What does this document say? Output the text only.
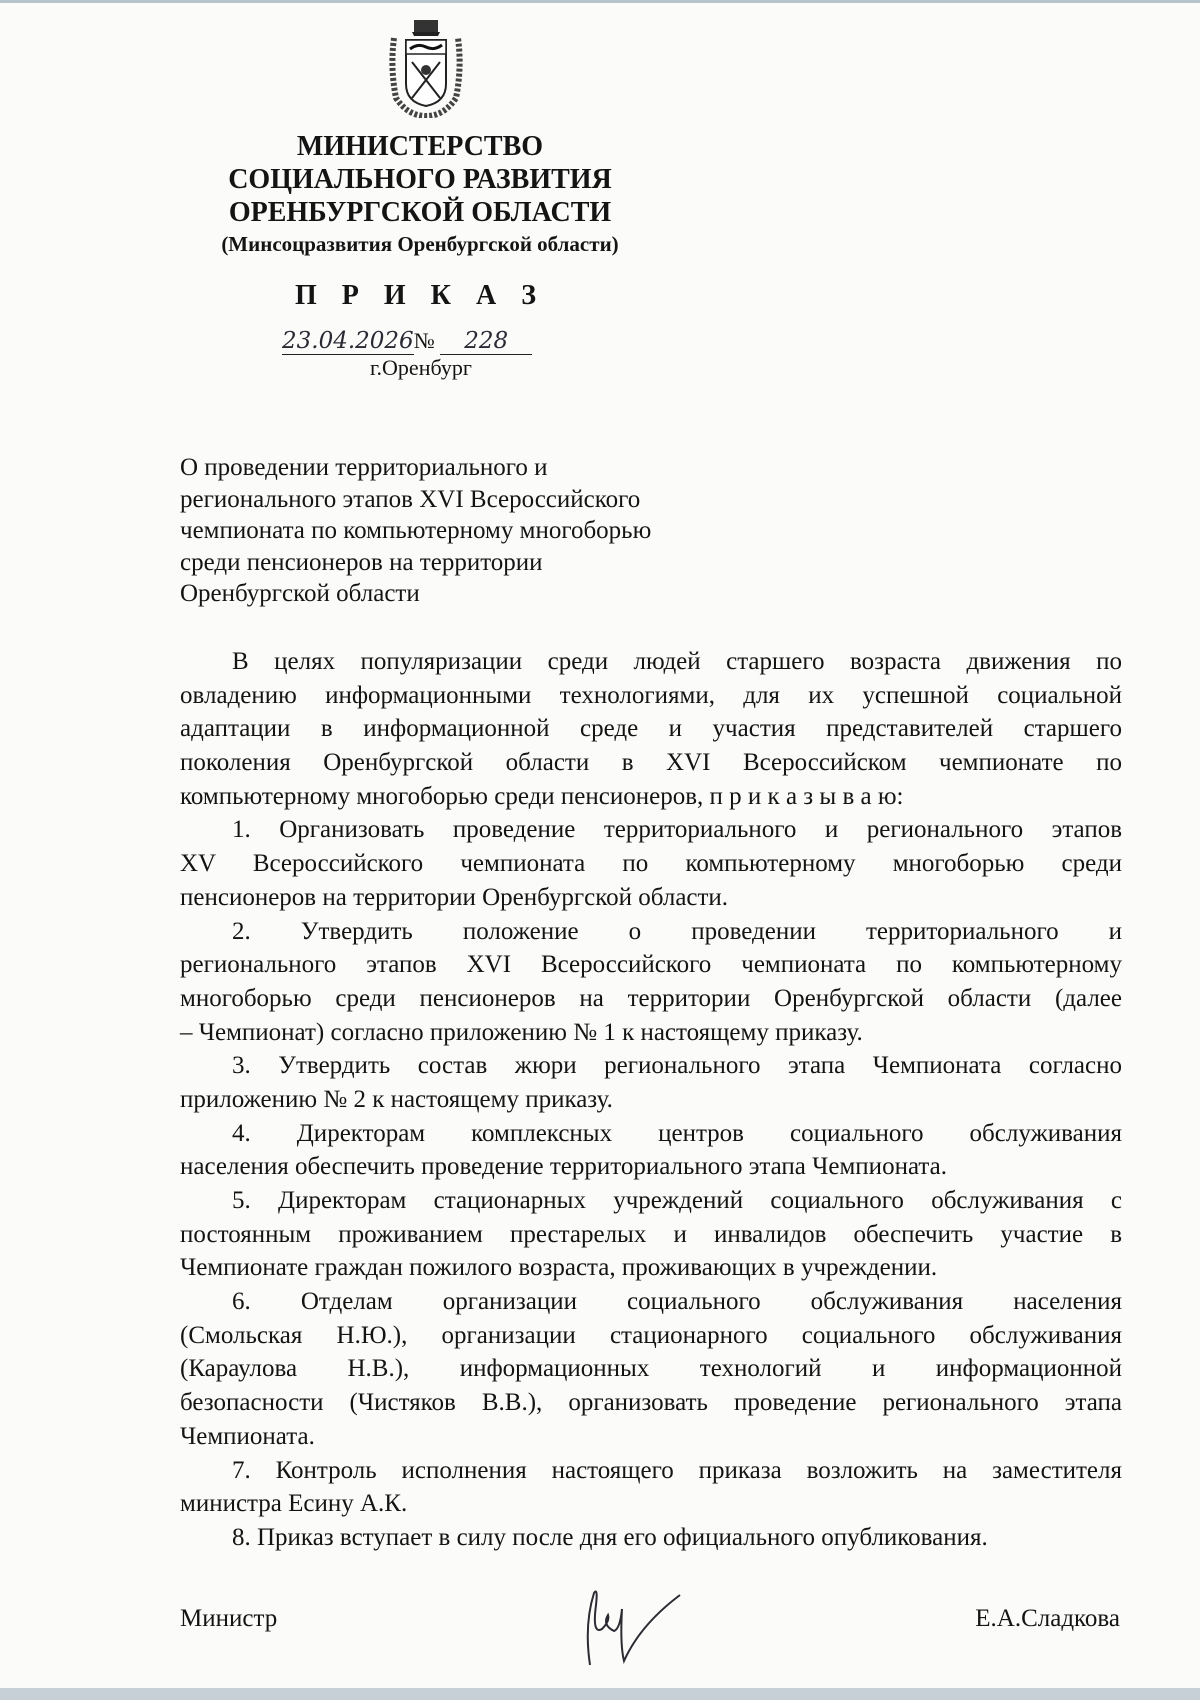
МИНИСТЕРСТВО
СОЦИАЛЬНОГО РАЗВИТИЯ
ОРЕНБУРГСКОЙ ОБЛАСТИ
(Минсоцразвития Оренбургской области)
П Р И К А З
23.04.2026№ 228
г.Оренбург
О проведении территориального и
регионального этапов XVI Всероссийского
чемпионата по компьютерному многоборью
среди пенсионеров на территории
Оренбургской области
В целях популяризации среди людей старшего возраста движения по
овладению информационными технологиями, для их успешной социальной
адаптации в информационной среде и участия представителей старшего
поколения Оренбургской области в XVI Всероссийском чемпионате по
компьютерному многоборью среди пенсионеров, п р и к а з ы в а ю:
1. Организовать проведение территориального и регионального этапов
XV Всероссийского чемпионата по компьютерному многоборью среди
пенсионеров на территории Оренбургской области.
2. Утвердить положение о проведении территориального и
регионального этапов XVI Всероссийского чемпионата по компьютерному
многоборью среди пенсионеров на территории Оренбургской области (далее
– Чемпионат) согласно приложению № 1 к настоящему приказу.
3. Утвердить состав жюри регионального этапа Чемпионата согласно
приложению № 2 к настоящему приказу.
4. Директорам комплексных центров социального обслуживания
населения обеспечить проведение территориального этапа Чемпионата.
5. Директорам стационарных учреждений социального обслуживания с
постоянным проживанием престарелых и инвалидов обеспечить участие в
Чемпионате граждан пожилого возраста, проживающих в учреждении.
6. Отделам организации социального обслуживания населения
(Смольская Н.Ю.), организации стационарного социального обслуживания
(Караулова Н.В.), информационных технологий и информационной
безопасности (Чистяков В.В.), организовать проведение регионального этапа
Чемпионата.
7. Контроль исполнения настоящего приказа возложить на заместителя
министра Есину А.К.
8. Приказ вступает в силу после дня его официального опубликования.
Министр	Е.А.Сладкова
